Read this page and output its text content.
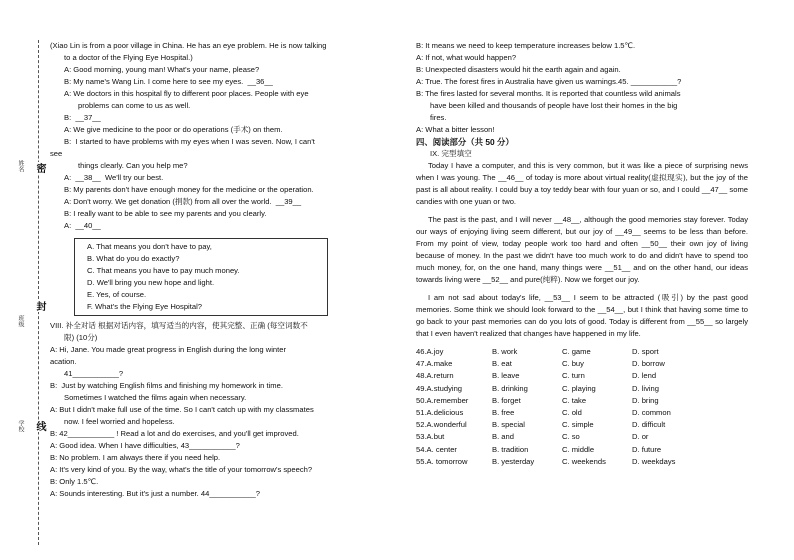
姓名
班级
学校
密
封
线
(Xiao Lin is from a poor village in China. He has an eye problem. He is now talking
to a doctor of the Flying Eye Hospital.)
A: Good morning, young man! What's your name, please?
B: My name's Wang Lin. I come here to see my eyes.  __36__
A: We doctors in this hospital fly to different poor places. People with eye
problems can come to us as well.
B:  __37__
A: We give medicine to the poor or do operations (手术) on them.
B:  I started to have problems with my eyes when I was seven. Now, I can't
see
things clearly. Can you help me?
A:  __38__  We'll try our best.
B: My parents don't have enough money for the medicine or the operation.
A: Don't worry. We get donation (捐款) from all over the world.  __39__
B: I really want to be able to see my parents and you clearly.
A:  __40__
A. That means you don't have to pay,
B. What do you do exactly?
C. That means you have to pay much money.
D. We'll bring you new hope and light.
E. Yes, of course.
F. What's the Flying Eye Hospital?
VIII. 补全对话 根据对话内容，填写适当的内容，使其完整、正确 (每空词数不
限) (10分)
A: Hi, Jane. You made great progress in English during the long winter
acation.
41___________?
B:  Just by watching English films and finishing my homework in time.
Sometimes I watched the films again when necessary.
A: But I didn't make full use of the time. So I can't catch up with my classmates
now. I feel worried and hopeless.
B: 42___________ ! Read a lot and do exercises, and you'll get improved.
A: Good idea. When I have difficulties, 43___________?
B: No problem. I am always there if you need help.
A: It's very kind of you. By the way, what's the title of your tomorrow's speech?
B: Only 1.5℃.
A: Sounds interesting. But it's just a number. 44___________?
B: It means we need to keep temperature increases below 1.5℃.
A: If not, what would happen?
B: Unexpected disasters would hit the earth again and again.
A: True. The forest fires in Australia have given us warnings.45. ___________?
B: The fires lasted for several months. It is reported that countless wild animals
have been killed and thousands of people have lost their homes in the big
fires.
A: What a bitter lesson!
四、阅读部分（共 50 分）
IX. 完型填空

Today I have a computer, and this is very common, but it was like a piece of surprising news when I was young. The __46__ of today is more about virtual reality(虚拟现实), but the joy of the past is all about reality. I could buy a toy teddy bear with four yuan or so, and I could __47__ some candies with one yuan or two.

The past is the past, and I will never __48__, although the good memories stay forever. Today our ways of enjoying living seem different, but our joy of __49__ seems to be less than before. From my point of view, today people work too hard and often __50__ their own joy of living because of money. In the past we didn't have too much work to do and didn't have to spend too much money, for, on the one hand, many things were __51__ and on the other hand, our ideas towards living were __52__ and pure(纯粹). Now we forget our joy.

I am not sad about today's life, __53__ I seem to be attracted (吸引) by the past good memories. Some think we should look forward to the __54__, but I think that having some time to go back to your past memories can do you lots of good. Today is different from __55__ so largely that I even haven't realized that changes have happened in my life.

46.A.joy	B. work	C. game	D. sport
47.A.make	B. eat	C. buy	D. borrow
48.A.return	B. leave	C. turn	D. lend
49.A.studying	B. drinking	C. playing	D. living
50.A.remember	B. forget	C. take	D. bring
51.A.delicious	B. free	C. old	D. common
52.A.wonderful	B. special	C. simple	D. difficult
53.A.but	B. and	C. so	D. or
54.A. center	B. tradition	C. middle	D. future
55.A. tomorrow	B. yesterday	C. weekends	D. weekdays
